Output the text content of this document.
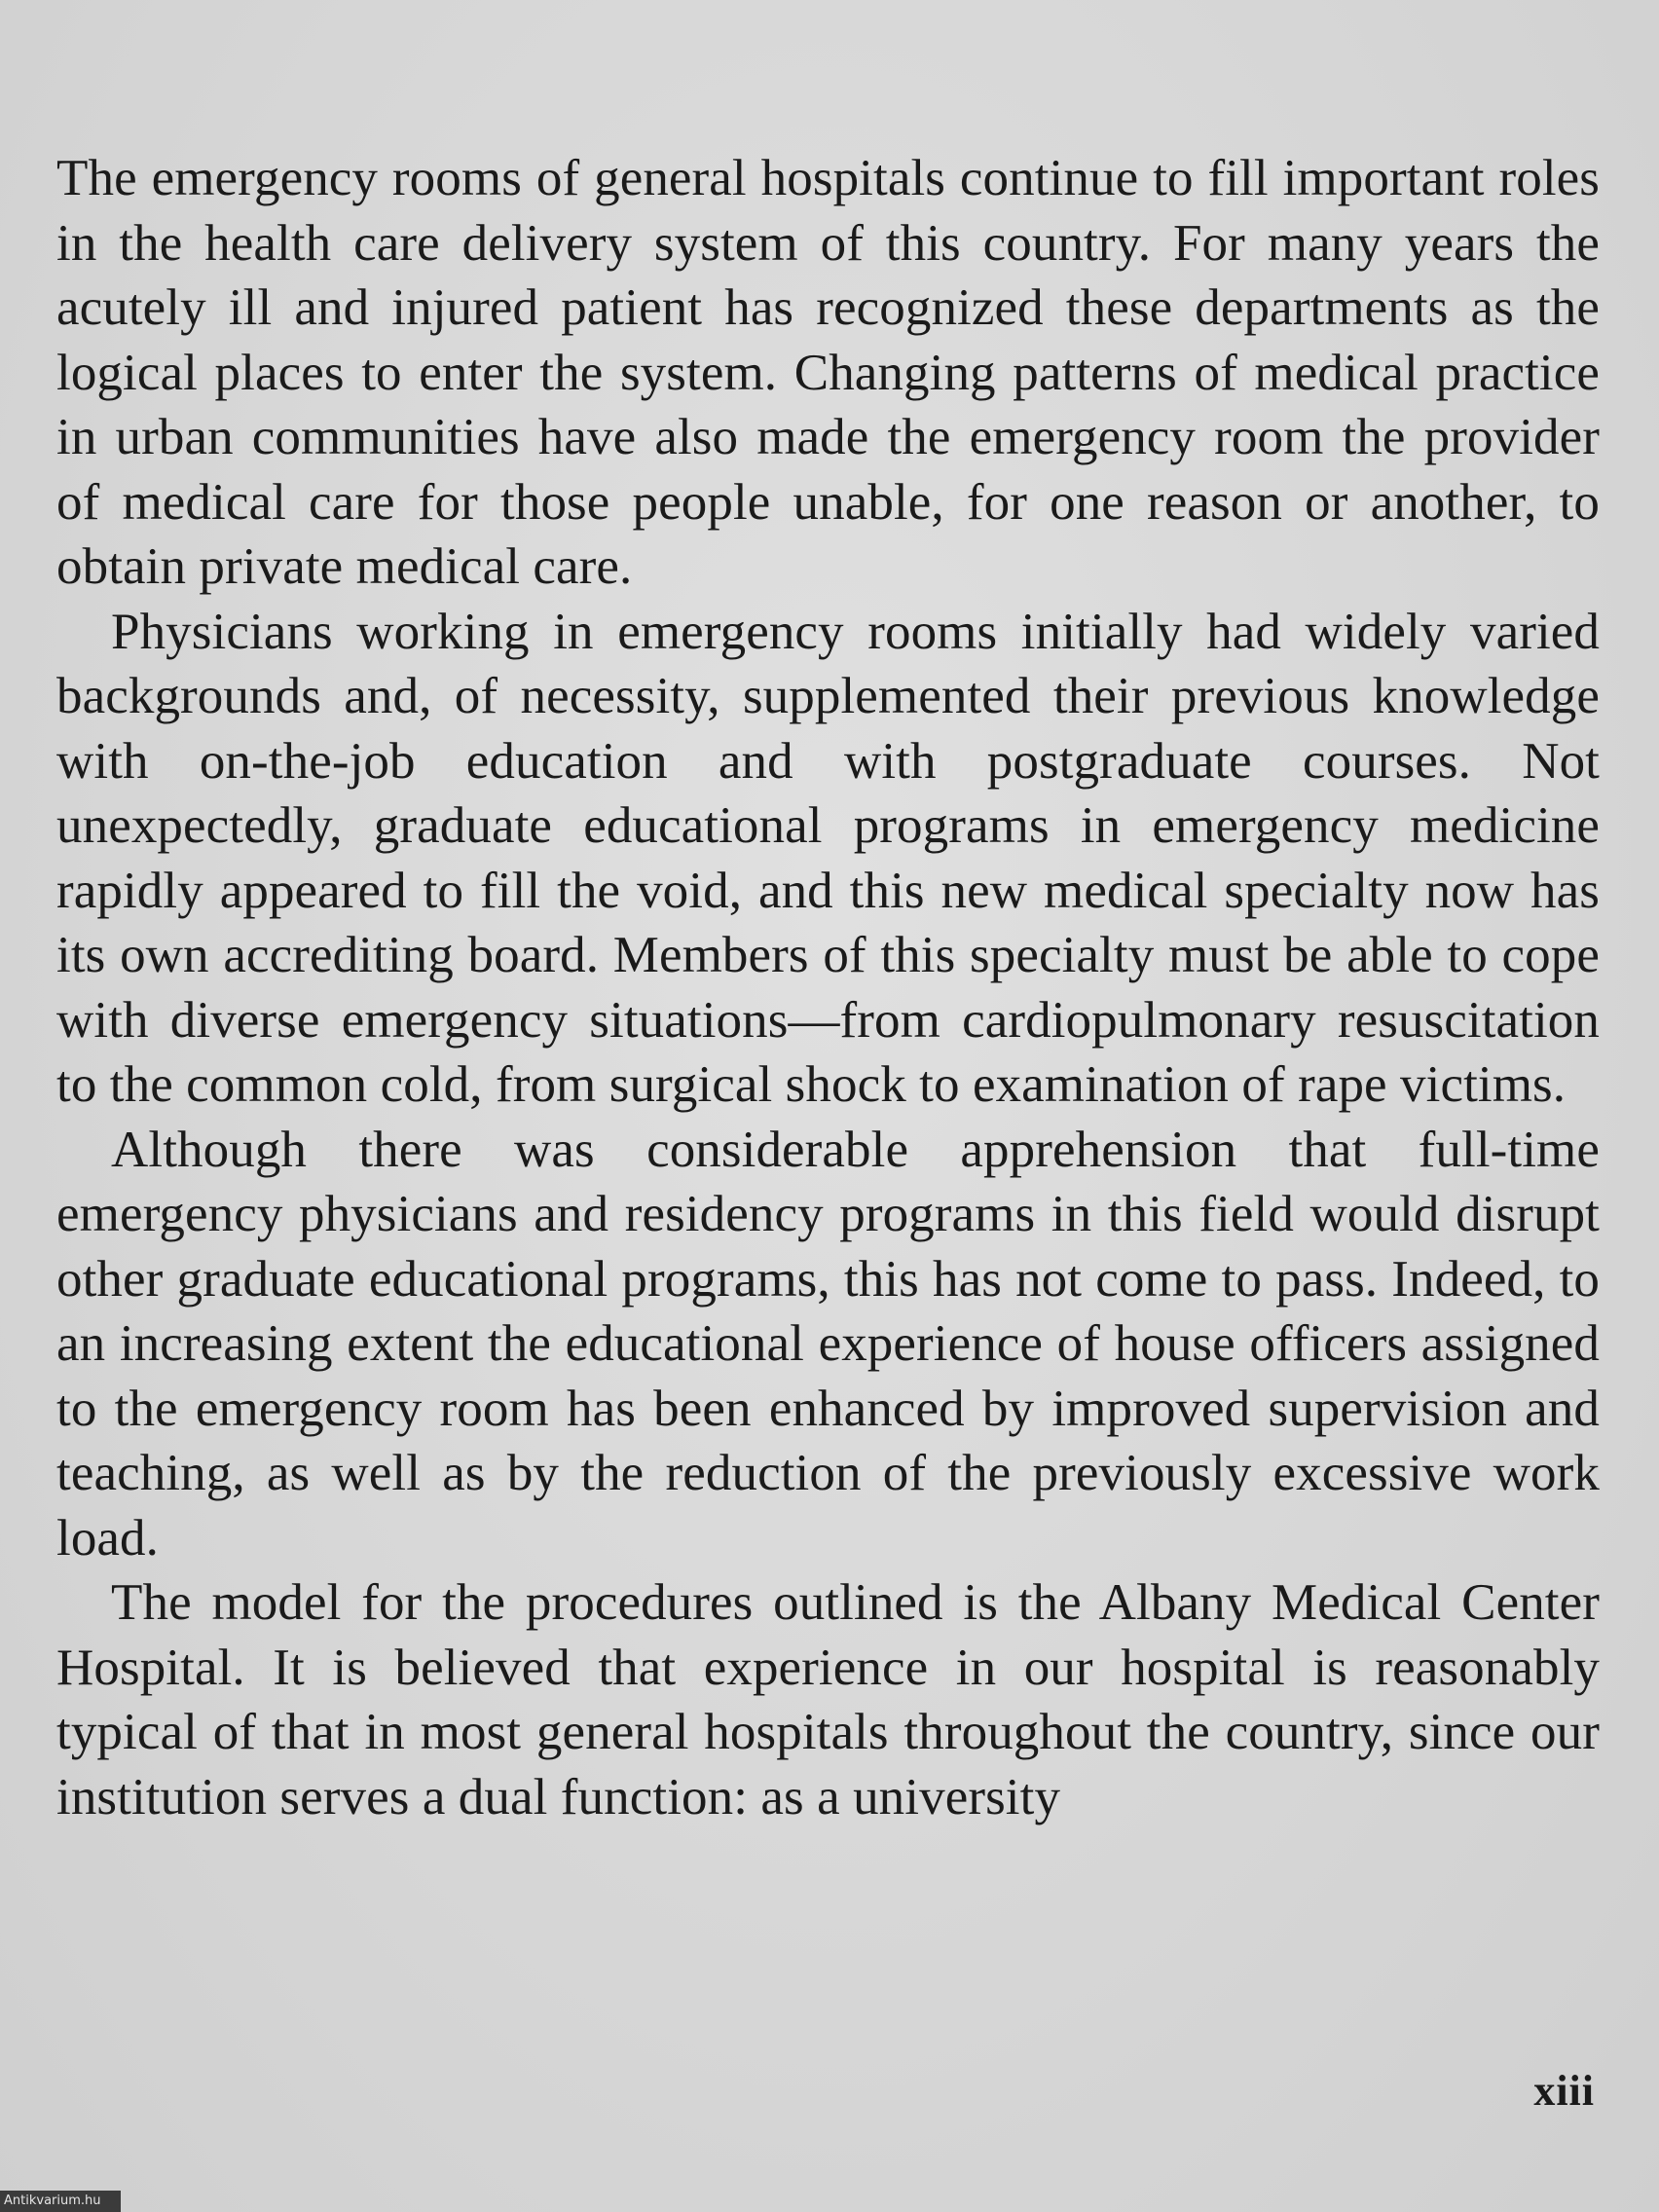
The emergency rooms of general hospitals continue to fill important roles in the health care delivery system of this country. For many years the acutely ill and injured patient has recognized these departments as the logical places to enter the system. Changing patterns of medical practice in urban communities have also made the emergency room the provider of medical care for those people unable, for one reason or another, to obtain private medical care.

Physicians working in emergency rooms initially had widely varied backgrounds and, of necessity, supplemented their previous knowledge with on-the-job education and with postgraduate courses. Not unexpectedly, graduate educational programs in emergency medicine rapidly appeared to fill the void, and this new medical specialty now has its own accrediting board. Members of this specialty must be able to cope with diverse emergency situations—from cardiopulmonary resuscitation to the common cold, from surgical shock to examination of rape victims.

Although there was considerable apprehension that full-time emergency physicians and residency programs in this field would disrupt other graduate educational programs, this has not come to pass. Indeed, to an increasing extent the educational experience of house officers assigned to the emergency room has been enhanced by improved supervision and teaching, as well as by the reduction of the previously excessive work load.

The model for the procedures outlined is the Albany Medical Center Hospital. It is believed that experience in our hospital is reasonably typical of that in most general hospitals throughout the country, since our institution serves a dual function: as a university

xiii
Antikvarium.hu
